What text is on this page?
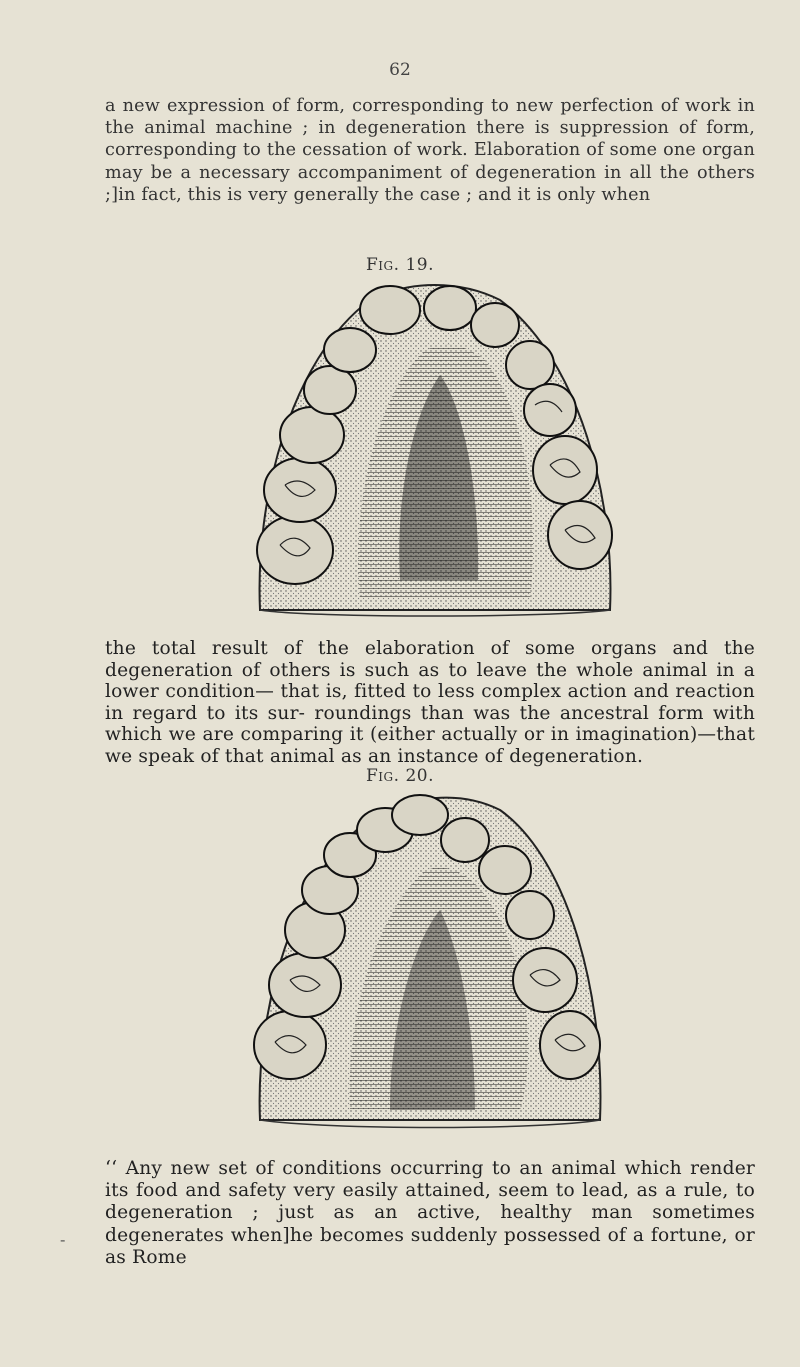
62

a new expression of form, corresponding to new perfection of work in the animal machine ; in degeneration there is suppression of form, corresponding to the cessation of work. Elaboration of some one organ may be a necessary accompaniment of degeneration in all the others ;]in fact, this is very generally the case ; and it is only when

Fig. 19.

the total result of the elaboration of some organs and the degeneration of others is such as to leave the whole animal in a lower condition— that is, fitted to less complex action and reaction in regard to its sur- roundings than was the ancestral form with which we are comparing it (either actually or in imagination)—that we speak of that animal as an instance of degeneration.

Fig. 20.

‘‘ Any new set of conditions occurring to an animal which render its food and safety very easily attained, seem to lead, as a rule, to degeneration ; just as an active, healthy man sometimes degenerates when]he becomes suddenly possessed of a fortune, or as Rome

-
